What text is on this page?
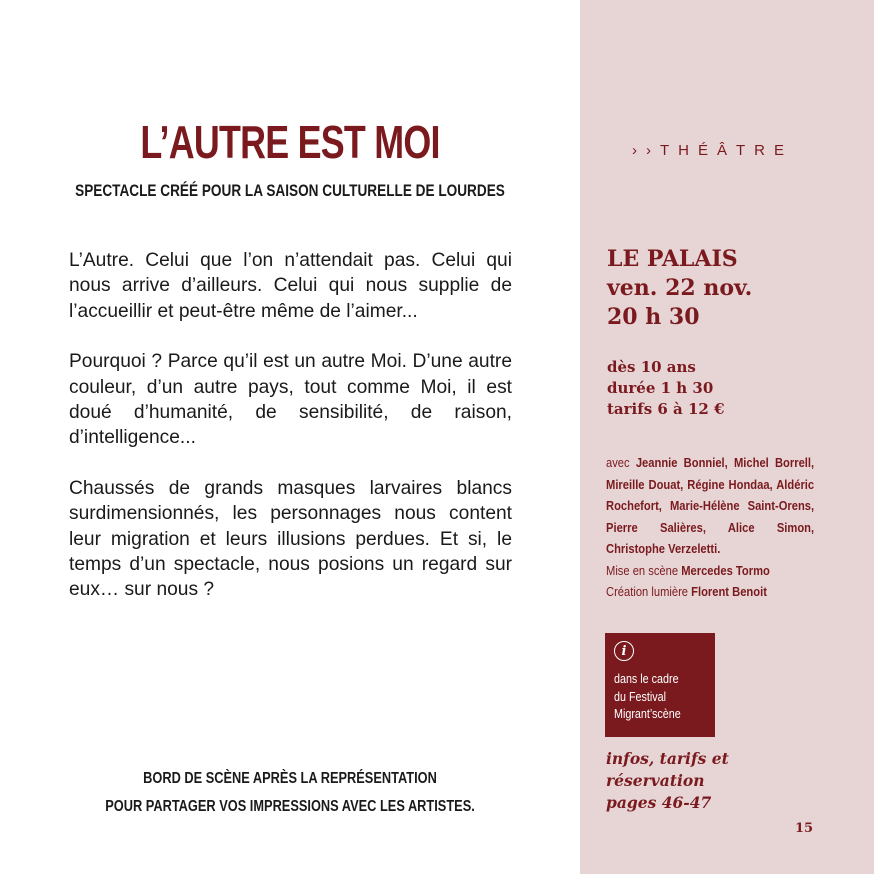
L’AUTRE EST MOI
SPECTACLE CRÉÉ POUR LA SAISON CULTURELLE DE LOURDES

L’Autre. Celui que l’on n’attendait pas. Celui qui nous arrive d’ailleurs. Celui qui nous supplie de l’accueillir et peut-être même de l’aimer...

Pourquoi ? Parce qu’il est un autre Moi. D’une autre couleur, d’un autre pays, tout comme Moi, il est doué d’humanité, de sensibilité, de raison, d’intelligence...

Chaussés de grands masques larvaires blancs surdimensionnés, les personnages nous content leur migration et leurs illusions perdues. Et si, le temps d’un spectacle, nous posions un regard sur eux… sur nous ?

BORD DE SCÈNE APRÈS LA REPRÉSENTATION
POUR PARTAGER VOS IMPRESSIONS AVEC LES ARTISTES.
››THÉÂTRE
LE PALAIS
ven. 22 nov.
20 h 30
dès 10 ans
durée 1 h 30
tarifs 6 à 12 €

avec Jeannie Bonniel, Michel Borrell, Mireille Douat, Régine Hondaa, Aldéric Rochefort, Marie-Hélène Saint-Orens, Pierre Salières, Alice Simon, Christophe Verzeletti.

Mise en scène Mercedes Tormo

Création lumière Florent Benoit

i
dans le cadre
du Festival
Migrant’scène
infos, tarifs et
réservation
pages 46-47
15
